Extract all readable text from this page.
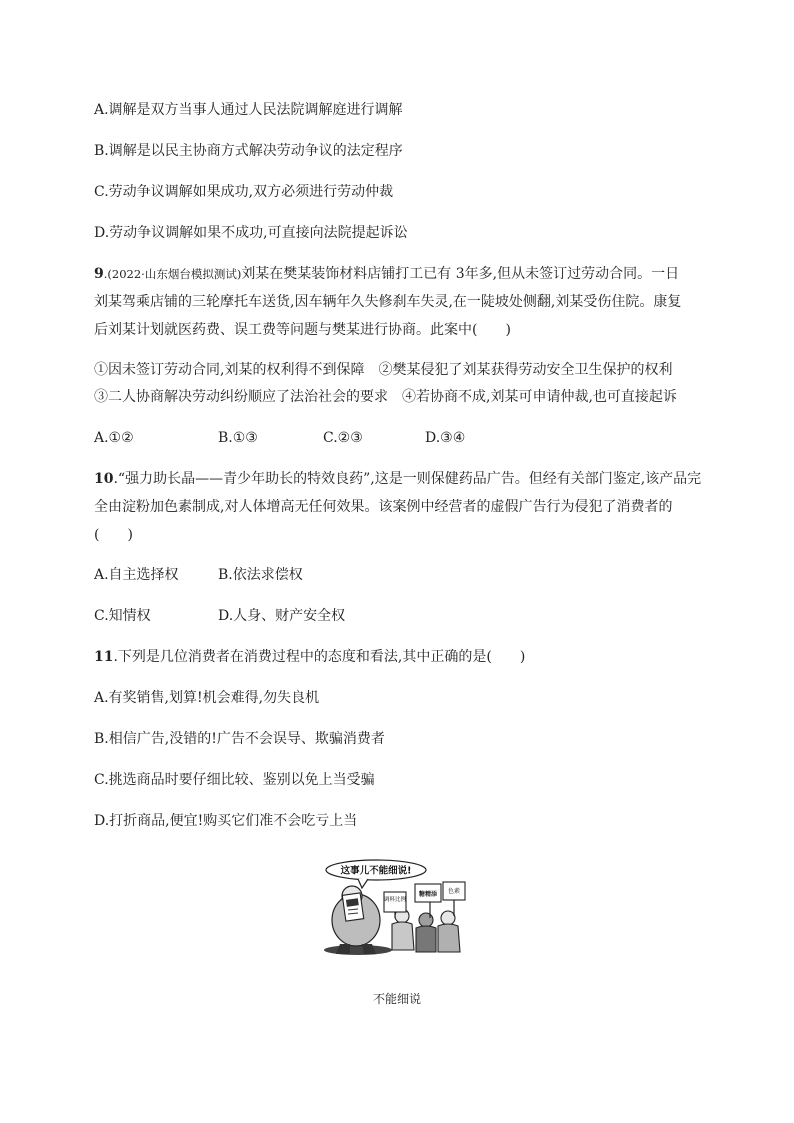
A.调解是双方当事人通过人民法院调解庭进行调解
B.调解是以民主协商方式解决劳动争议的法定程序
C.劳动争议调解如果成功,双方必须进行劳动仲裁
D.劳动争议调解如果不成功,可直接向法院提起诉讼
9.(2022·山东烟台模拟测试)刘某在樊某装饰材料店铺打工已有 3年多,但从未签订过劳动合同。一日
刘某驾乘店铺的三轮摩托车送货,因车辆年久失修刹车失灵,在一陡坡处侧翻,刘某受伤住院。康复
后刘某计划就医药费、误工费等问题与樊某进行协商。此案中(　　)
①因未签订劳动合同,刘某的权利得不到保障　②樊某侵犯了刘某获得劳动安全卫生保护的权利
③二人协商解决劳动纠纷顺应了法治社会的要求　④若协商不成,刘某可申请仲裁,也可直接起诉
A.①②	B.①③	C.②③	D.③④
10.“强力助长晶——青少年助长的特效良药”,这是一则保健药品广告。但经有关部门鉴定,该产品完
全由淀粉加色素制成,对人体增高无任何效果。该案例中经营者的虚假广告行为侵犯了消费者的
(　　)
A.自主选择权	B.依法求偿权
C.知情权	D.人身、财产安全权
11.下列是几位消费者在消费过程中的态度和看法,其中正确的是(　　)
A.有奖销售,划算!机会难得,勿失良机
B.相信广告,没错的!广告不会误导、欺骗消费者
C.挑选商品时要仔细比较、鉴别以免上当受骗
D.打折商品,便宜!购买它们准不会吃亏上当
这事儿不能细说!
调料比例
糖精添 色素
不能细说
